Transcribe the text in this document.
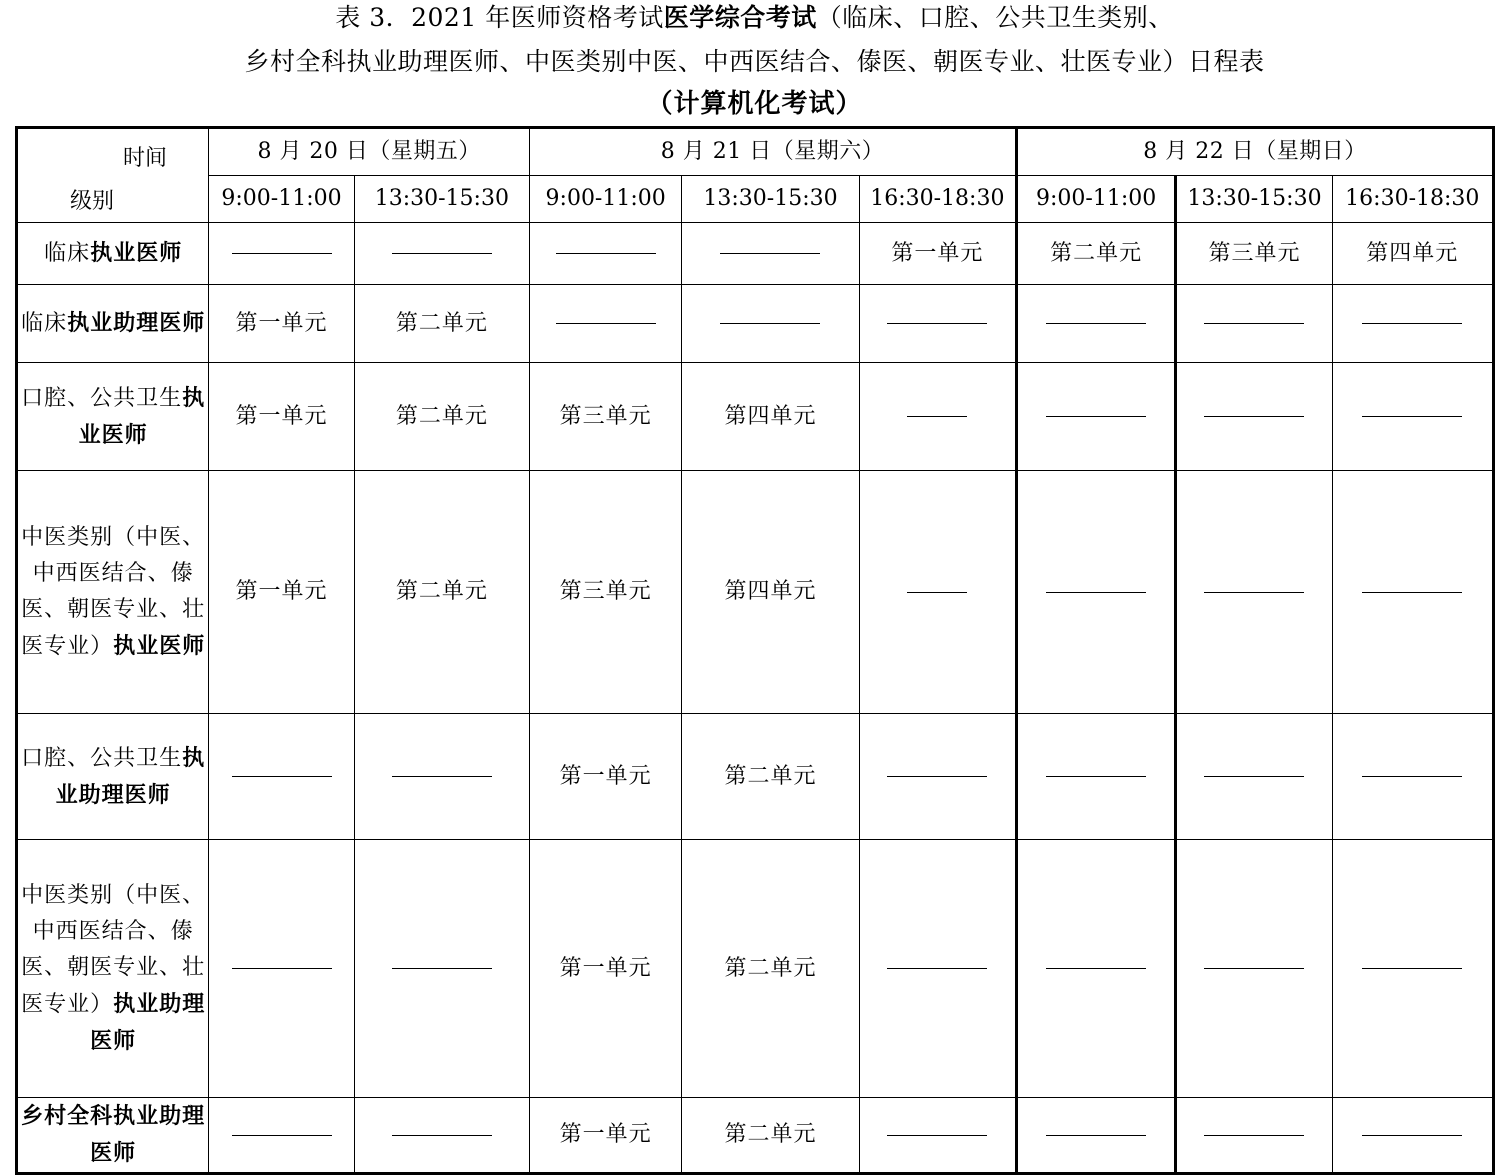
表 3．2021 年医师资格考试医学综合考试（临床、口腔、公共卫生类别、
乡村全科执业助理医师、中医类别中医、中西医结合、傣医、朝医专业、壮医专业）日程表
（计算机化考试）
时间
级别	8 月 20 日（星期五）		8 月 21 日（星期六）			8 月 22 日（星期日）		
	9:00-11:00	13:30-15:30	9:00-11:00	13:30-15:30	16:30-18:30	9:00-11:00	13:30-15:30	16:30-18:30
临床执业医师					第一单元	第二单元	第三单元	第四单元
临床执业助理医师	第一单元	第二单元						
口腔、公共卫生执业医师	第一单元	第二单元	第三单元	第四单元				
中医类别（中医、中西医结合、傣医、朝医专业、壮医专业）执业医师	第一单元	第二单元	第三单元	第四单元				
口腔、公共卫生执业助理医师			第一单元	第二单元				
中医类别（中医、中西医结合、傣医、朝医专业、壮医专业）执业助理医师			第一单元	第二单元				
乡村全科执业助理医师			第一单元	第二单元				
